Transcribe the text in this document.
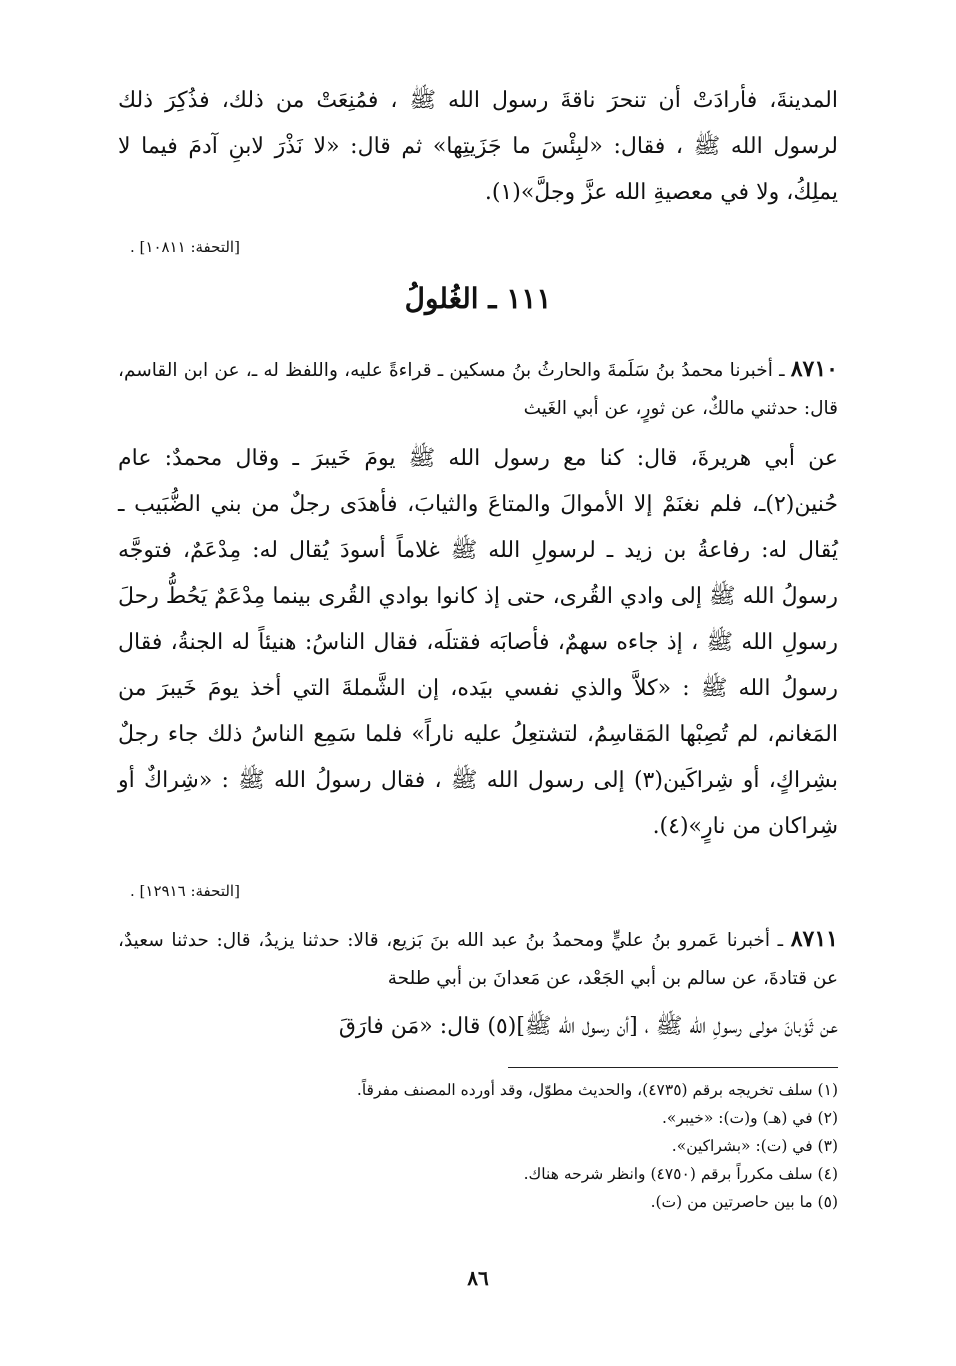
المدينةَ، فأرادَتْ أن تنحرَ ناقةَ رسول الله ﷺ ، فمُنِعَتْ من ذلك، فذُكِرَ ذلك لرسول الله ﷺ ، فقال: «لبِئْسَ ما جَزَيتِها» ثم قال: «لا نَذْرَ لابنِ آدمَ فيما لا يملِكُ، ولا في معصيةِ الله عزَّ وجلَّ»(١).
[التحفة: ١٠٨١١] .
١١١ ـ الغُلولُ
٨٧١٠ ـ أخبرنا محمدُ بنُ سَلَمةَ والحارثُ بنُ مسكين ـ قراءةً عليه، واللفظ له ـ، عن ابن القاسم، قال: حدثني مالكٌ، عن ثورٍ، عن أبي الغَيث
عن أبي هريرةَ، قال: كنا مع رسول الله ﷺ يومَ خَيبرَ ـ وقال محمدٌ: عام حُنين(٢)ـ، فلم نغنَمْ إلا الأموالَ والمتاعَ والثيابَ، فأهدَى رجلٌ من بني الضُّبَيب ـ يُقال له: رفاعةُ بن زيد ـ لرسولِ الله ﷺ غلاماً أسودَ يُقال له: مِدْعَمٌ، فتوجَّه رسولُ الله ﷺ إلى وادي القُرى، حتى إذ كانوا بوادي القُرى بينما مِدْعَمٌ يَحُطُّ رحلَ رسولِ الله ﷺ ، إذ جاءه سهمٌ، فأصابَه فقتلَه، فقال الناسُ: هنيئاً له الجنةُ، فقال رسولُ الله ﷺ : «كلاَّ والذي نفسي بيَده، إن الشَّملةَ التي أخذ يومَ خَيبرَ من المَغانم، لم تُصِبْها المَقاسِمُ، لتشتعِلُ عليه ناراً» فلما سَمِع الناسُ ذلك جاء رجلٌ بشِراكٍ، أو شِراكَين(٣) إلى رسول الله ﷺ ، فقال رسولُ الله ﷺ : «شِراكٌ أو شِراكان من نارٍ»(٤).
[التحفة: ١٢٩١٦] .
٨٧١١ ـ أخبرنا عَمرو بنُ عليٍّ ومحمدُ بنُ عبد الله بنَ بَزيع، قالا: حدثنا يزيدُ، قال: حدثنا سعيدٌ، عن قتادةَ، عن سالم بن أبي الجَعْد، عن مَعدانَ بن أبي طلحة
عن ثَوْبانَ مولى رسولِ الله ﷺ ، [أن رسول الله ﷺ](٥) قال: «مَن فارَقَ
(١) سلف تخريجه برقم (٤٧٣٥)، والحديث مطوّل، وقد أورده المصنف مفرقاً.
(٢) في (هـ) و(ت): «خيبر».
(٣) في (ت): «بشراكين».
(٤) سلف مكرراً برقم (٤٧٥٠) وانظر شرحه هناك.
(٥) ما بين حاصرتين من (ت).
٨٦
